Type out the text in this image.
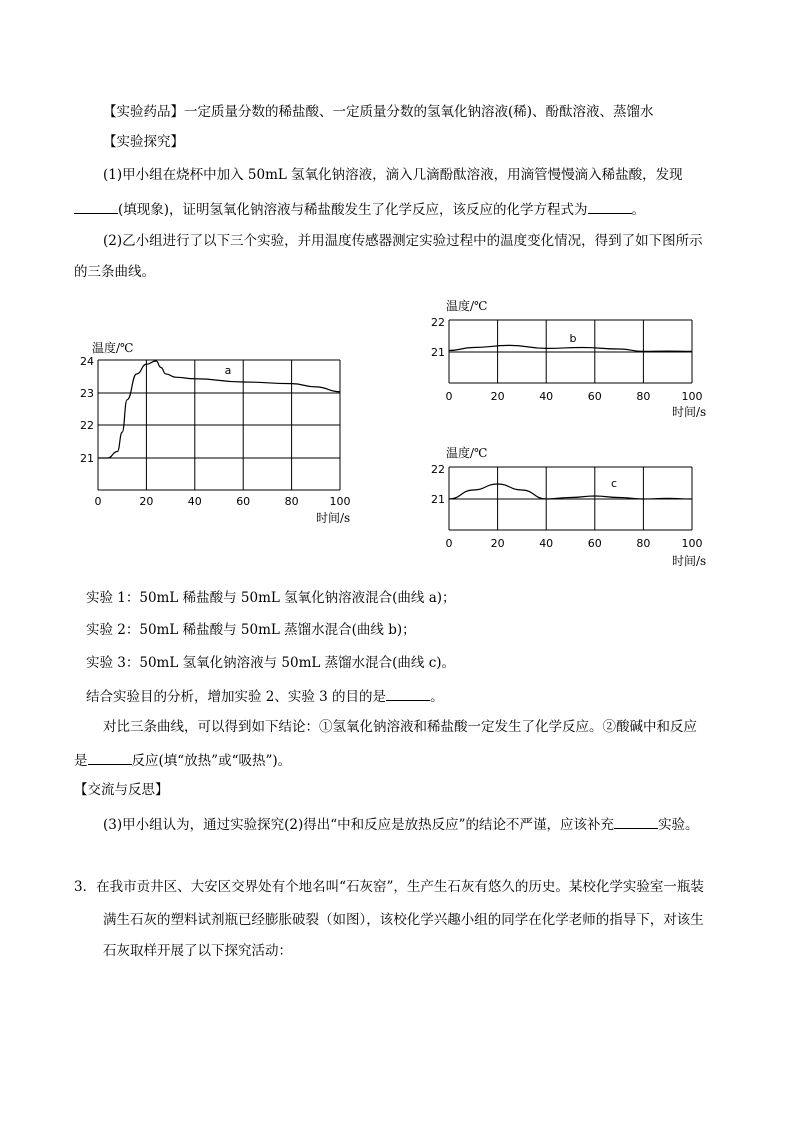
【实验药品】一定质量分数的稀盐酸、一定质量分数的氢氧化钠溶液(稀)、酚酞溶液、蒸馏水
【实验探究】
(1)甲小组在烧杯中加入 50mL 氢氧化钠溶液，滴入几滴酚酞溶液，用滴管慢慢滴入稀盐酸，发现
(填现象)，证明氢氧化钠溶液与稀盐酸发生了化学反应，该反应的化学方程式为	。
(2)乙小组进行了以下三个实验，并用温度传感器测定实验过程中的温度变化情况，得到了如下图所示
的三条曲线。
21
22
23
24
0	20	40	60	80	100
温度/℃
时间/s
a
21
22
0	20	40	60	80	100
温度/℃
时间/s
b
21
22
0	20	40	60	80	100
温度/℃
时间/s
c
实验 1：50mL 稀盐酸与 50mL 氢氧化钠溶液混合(曲线 a)；
实验 2：50mL 稀盐酸与 50mL 蒸馏水混合(曲线 b)；
实验 3：50mL 氢氧化钠溶液与 50mL 蒸馏水混合(曲线 c)。
结合实验目的分析，增加实验 2、实验 3 的目的是	。
对比三条曲线，可以得到如下结论：①氢氧化钠溶液和稀盐酸一定发生了化学反应。②酸碱中和反应
是	反应(填“放热”或“吸热”)。
【交流与反思】
(3)甲小组认为，通过实验探究(2)得出“中和反应是放热反应”的结论不严谨，应该补充	实验。
3．在我市贡井区、大安区交界处有个地名叫“石灰窑”，生产生石灰有悠久的历史。某校化学实验室一瓶装
满生石灰的塑料试剂瓶已经膨胀破裂（如图），该校化学兴趣小组的同学在化学老师的指导下，对该生
石灰取样开展了以下探究活动：
